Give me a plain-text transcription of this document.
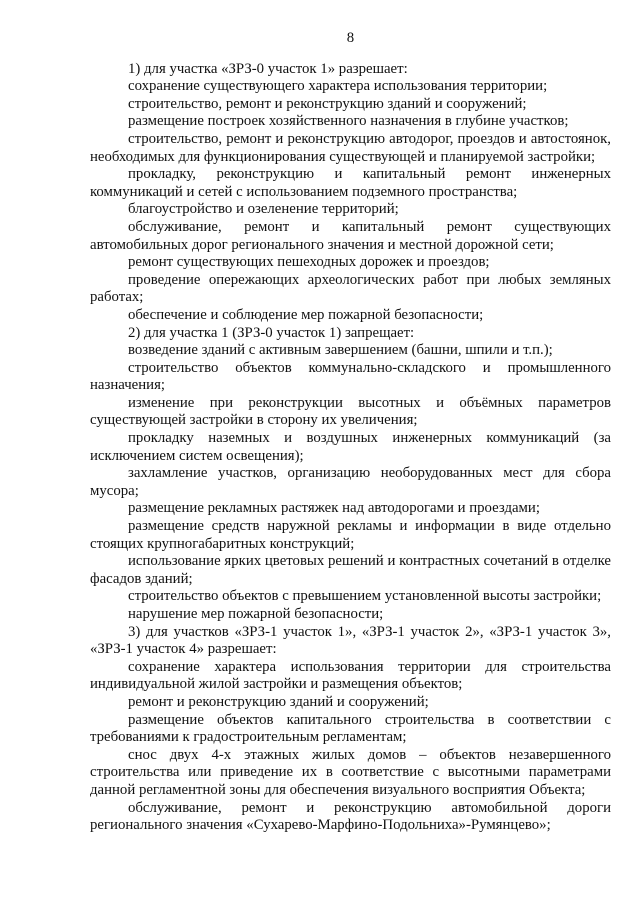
8

1) для участка «ЗРЗ-0 участок 1» разрешает:

сохранение существующего характера использования территории;

строительство, ремонт и реконструкцию зданий и сооружений;

размещение построек хозяйственного назначения в глубине участков;

строительство, ремонт и реконструкцию автодорог, проездов и автостоянок, необходимых для функционирования существующей и планируемой застройки;

прокладку, реконструкцию и капитальный ремонт инженерных коммуникаций и сетей с использованием подземного пространства;

благоустройство и озеленение территорий;

обслуживание, ремонт и капитальный ремонт существующих автомобильных дорог регионального значения и местной дорожной сети;

ремонт существующих пешеходных дорожек и проездов;

проведение опережающих археологических работ при любых земляных работах;

обеспечение и соблюдение мер пожарной безопасности;

2) для участка 1 (ЗРЗ-0 участок 1) запрещает:

возведение зданий с активным завершением (башни, шпили и т.п.);

строительство объектов коммунально-складского и промышленного назначения;

изменение при реконструкции высотных и объёмных параметров существующей застройки в сторону их увеличения;

прокладку наземных и воздушных инженерных коммуникаций (за исключением систем освещения);

захламление участков, организацию необорудованных мест для сбора мусора;

размещение рекламных растяжек над автодорогами и проездами;

размещение средств наружной рекламы и информации в виде отдельно стоящих крупногабаритных конструкций;

использование ярких цветовых решений и контрастных сочетаний в отделке фасадов зданий;

строительство объектов с превышением установленной высоты застройки;

нарушение мер пожарной безопасности;

3) для участков «ЗРЗ-1 участок 1», «ЗРЗ-1 участок 2», «ЗРЗ-1 участок 3», «ЗРЗ-1 участок 4» разрешает:

сохранение характера использования территории для строительства индивидуальной жилой застройки и размещения объектов;

ремонт и реконструкцию зданий и сооружений;

размещение объектов капитального строительства в соответствии с требованиями к градостроительным регламентам;

снос двух 4-х этажных жилых домов – объектов незавершенного строительства или приведение их в соответствие с высотными параметрами данной регламентной зоны для обеспечения визуального восприятия Объекта;

обслуживание, ремонт и реконструкцию автомобильной дороги регионального значения «Сухарево-Марфино-Подольниха»-Румянцево»;
